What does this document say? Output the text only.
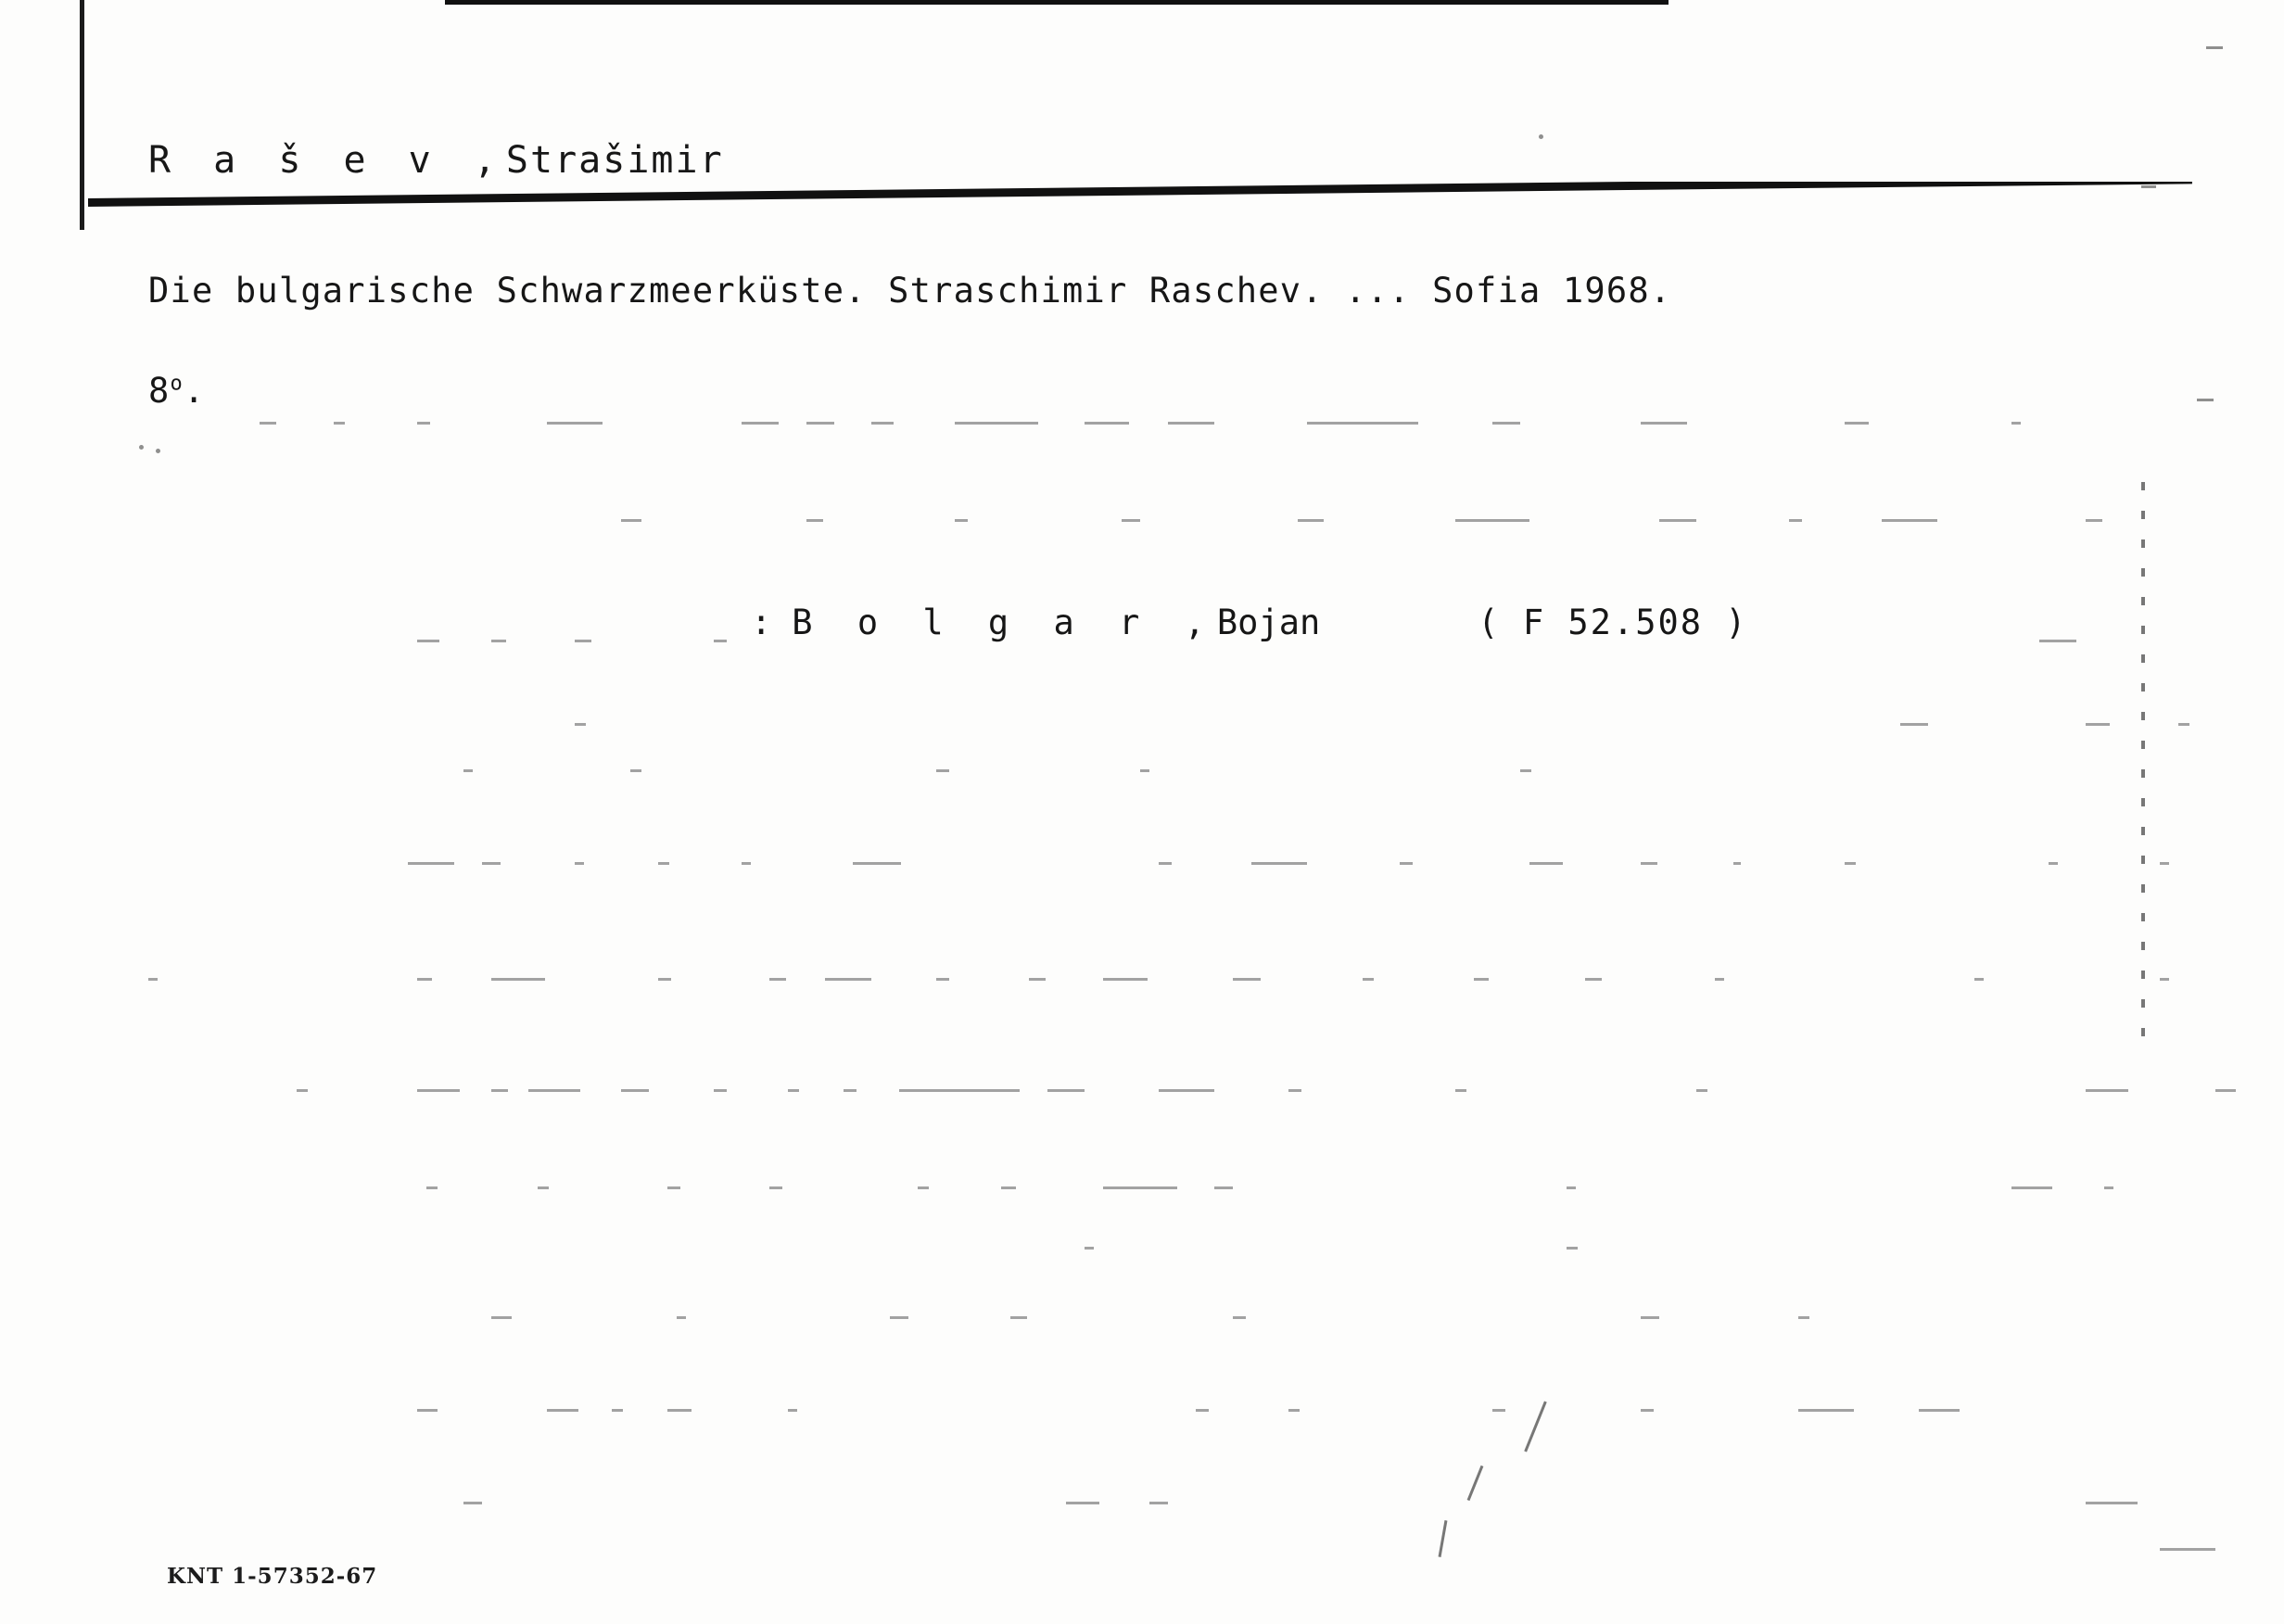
R a š e v ,Strašimir
Die bulgarische Schwarzmeerküste. Straschimir Raschev. ... Sofia 1968.
8$^o$.
: B o l g a r ,Bojan	( F 52.508 )
KNT 1-57352-67
